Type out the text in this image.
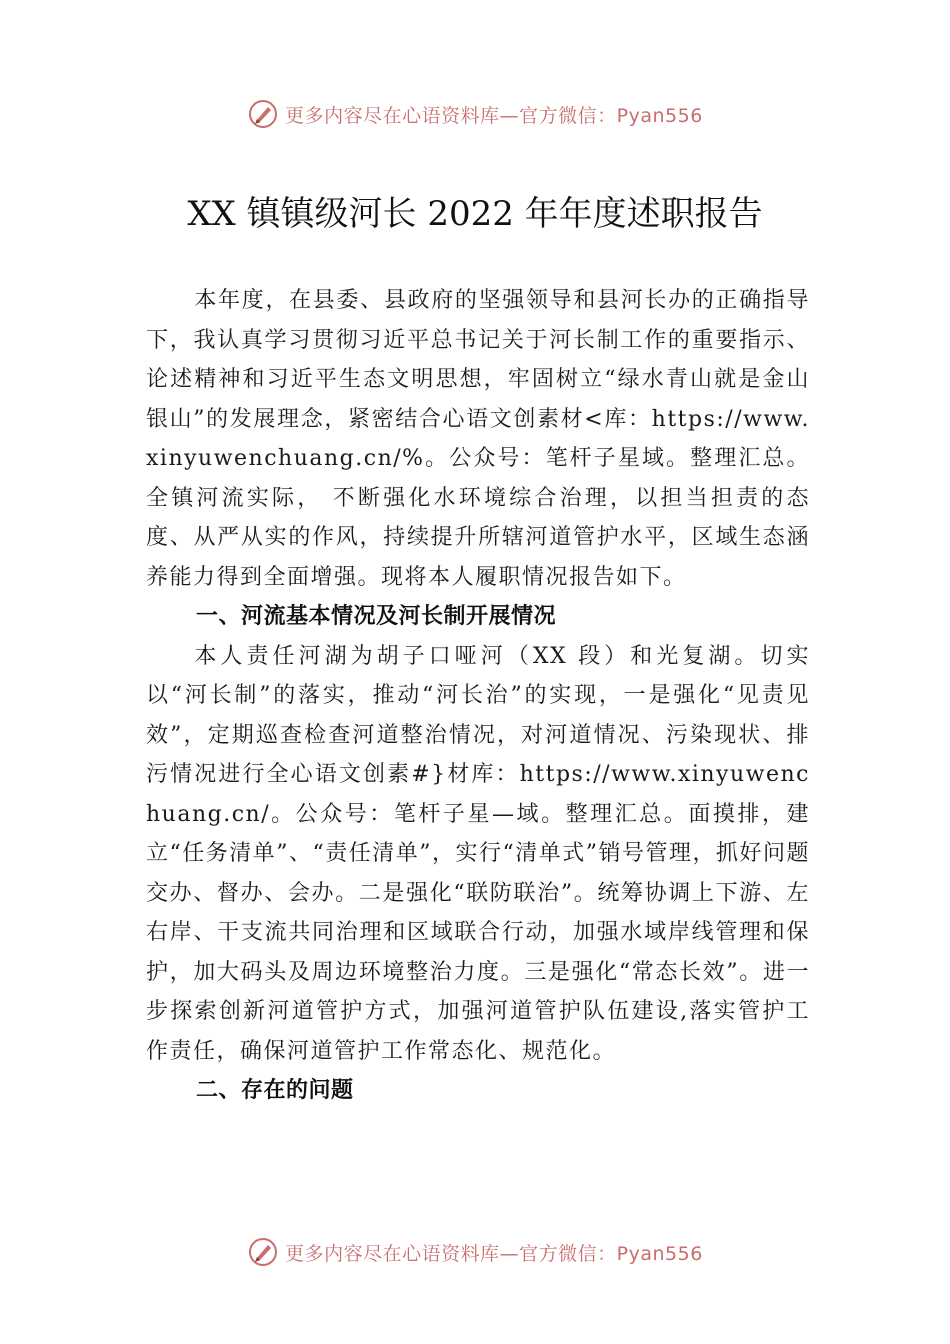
更多内容尽在心语资料库—官方微信：Pyan556
XX 镇镇级河长 2022 年年度述职报告

本年度，在县委、县政府的坚强领导和县河长办的正确指导下，我认真学习贯彻习近平总书记关于河长制工作的重要指示、论述精神和习近平生态文明思想，牢固树立“绿水青山就是金山银山”的发展理念，紧密结合心语文创素材<库：https://www.xinyuwenchuang.cn/%。公众号：笔杆子星域。整理汇总。全镇河流实际， 不断强化水环境综合治理，以担当担责的态度、从严从实的作风，持续提升所辖河道管护水平，区域生态涵养能力得到全面增强。现将本人履职情况报告如下。

一、河流基本情况及河长制开展情况

本人责任河湖为胡子口哑河（XX 段）和光复湖。切实以“河长制”的落实，推动“河长治”的实现，一是强化“见责见效”，定期巡查检查河道整治情况，对河道情况、污染现状、排污情况进行全心语文创素#}材库：https://www.xinyuwenchuang.cn/。公众号：笔杆子星—域。整理汇总。面摸排，建立“任务清单”、“责任清单”，实行“清单式”销号管理，抓好问题交办、督办、会办。二是强化“联防联治”。统筹协调上下游、左右岸、干支流共同治理和区域联合行动，加强水域岸线管理和保护，加大码头及周边环境整治力度。三是强化“常态长效”。进一步探索创新河道管护方式，加强河道管护队伍建设,落实管护工作责任，确保河道管护工作常态化、规范化。

二、存在的问题

更多内容尽在心语资料库—官方微信：Pyan556
